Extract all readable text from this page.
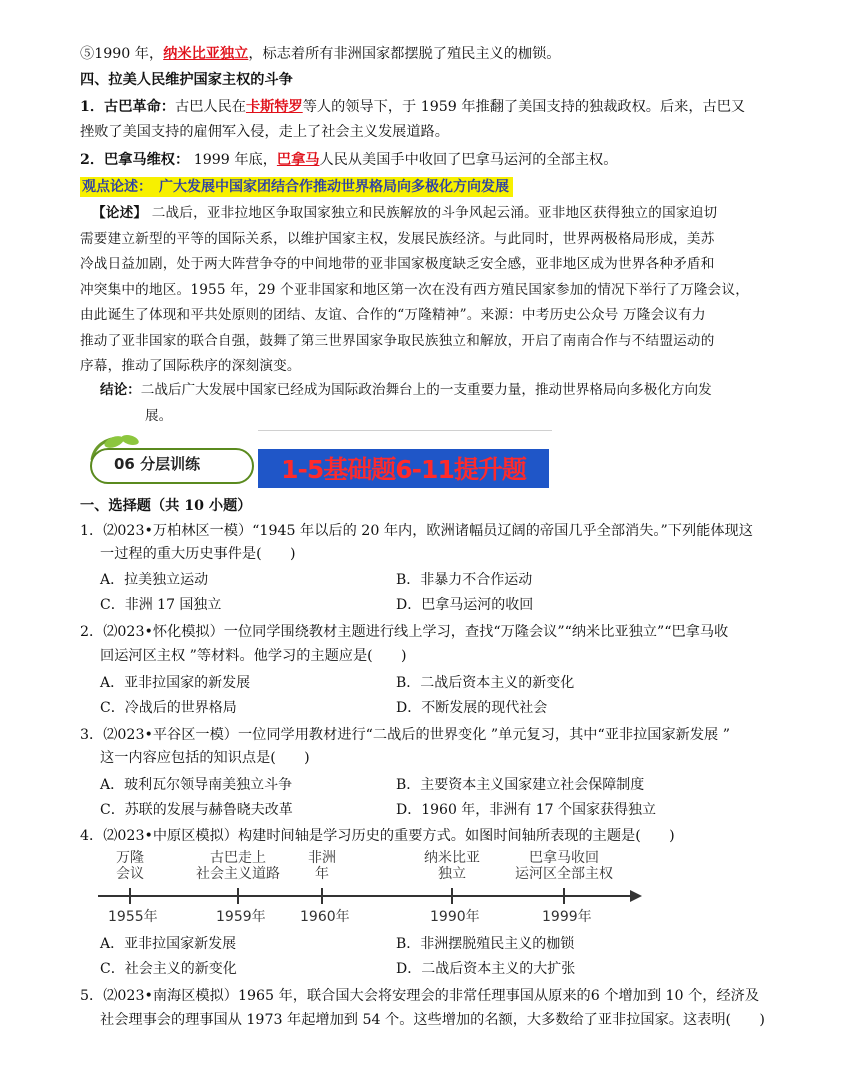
⑤1990 年，纳米比亚独立，标志着所有非洲国家都摆脱了殖民主义的枷锁。
四、拉美人民维护国家主权的斗争
1．古巴革命：古巴人民在卡斯特罗等人的领导下，于 1959 年推翻了美国支持的独裁政权。后来，古巴又
挫败了美国支持的雇佣军入侵，走上了社会主义发展道路。
2．巴拿马维权： 1999 年底，巴拿马人民从美国手中收回了巴拿马运河的全部主权。
观点论述：　广大发展中国家团结合作推动世界格局向多极化方向发展
【论述】 二战后，亚非拉地区争取国家独立和民族解放的斗争风起云涌。亚非地区获得独立的国家迫切
需要建立新型的平等的国际关系，以维护国家主权，发展民族经济。与此同时，世界两极格局形成，美苏
冷战日益加剧，处于两大阵营争夺的中间地带的亚非国家极度缺乏安全感，亚非地区成为世界各种矛盾和
冲突集中的地区。1955 年，29 个亚非国家和地区第一次在没有西方殖民国家参加的情况下举行了万隆会议，
由此诞生了体现和平共处原则的团结、友谊、合作的“万隆精神”。来源：中考历史公众号 万隆会议有力
推动了亚非国家的联合自强，鼓舞了第三世界国家争取民族独立和解放，开启了南南合作与不结盟运动的
序幕，推动了国际秩序的深刻演变。
结论：二战后广大发展中国家已经成为国际政治舞台上的一支重要力量，推动世界格局向多极化方向发
展。
06 分层训练	1-5基础题6-11提升题
一、选择题（共 10 小题）
1．⑵023•万柏林区一模）“1945 年以后的 20 年内，欧洲诸幅员辽阔的帝国几乎全部消失。”下列能体现这
一过程的重大历史事件是(　　)
A．拉美独立运动	B．非暴力不合作运动
C．非洲 17 国独立	D．巴拿马运河的收回
2．⑵023•怀化模拟）一位同学围绕教材主题进行线上学习，查找“万隆会议”“纳米比亚独立”“巴拿马收
回运河区主权 ”等材料。他学习的主题应是(　　)
A．亚非拉国家的新发展	B．二战后资本主义的新变化
C．冷战后的世界格局	D．不断发展的现代社会
3．⑵023•平谷区一模）一位同学用教材进行“二战后的世界变化 ”单元复习，其中“亚非拉国家新发展 ”
这一内容应包括的知识点是(　　)
A．玻利瓦尔领导南美独立斗争	B．主要资本主义国家建立社会保障制度
C．苏联的发展与赫鲁晓夫改革	D．1960 年，非洲有 17 个国家获得独立
4．⑵023•中原区模拟）构建时间轴是学习历史的重要方式。如图时间轴所表现的主题是(　　)
万隆
会议
1955年
古巴走上
社会主义道路
1959年
非洲
年
1960年
纳米比亚
独立
1990年
巴拿马收回
运河区全部主权
1999年
A．亚非拉国家新发展	B．非洲摆脱殖民主义的枷锁
C．社会主义的新变化	D．二战后资本主义的大扩张
5．⑵023•南海区模拟）1965 年，联合国大会将安理会的非常任理事国从原来的6 个增加到 10 个，经济及
社会理事会的理事国从 1973 年起增加到 54 个。这些增加的名额，大多数给了亚非拉国家。这表明(　　)
